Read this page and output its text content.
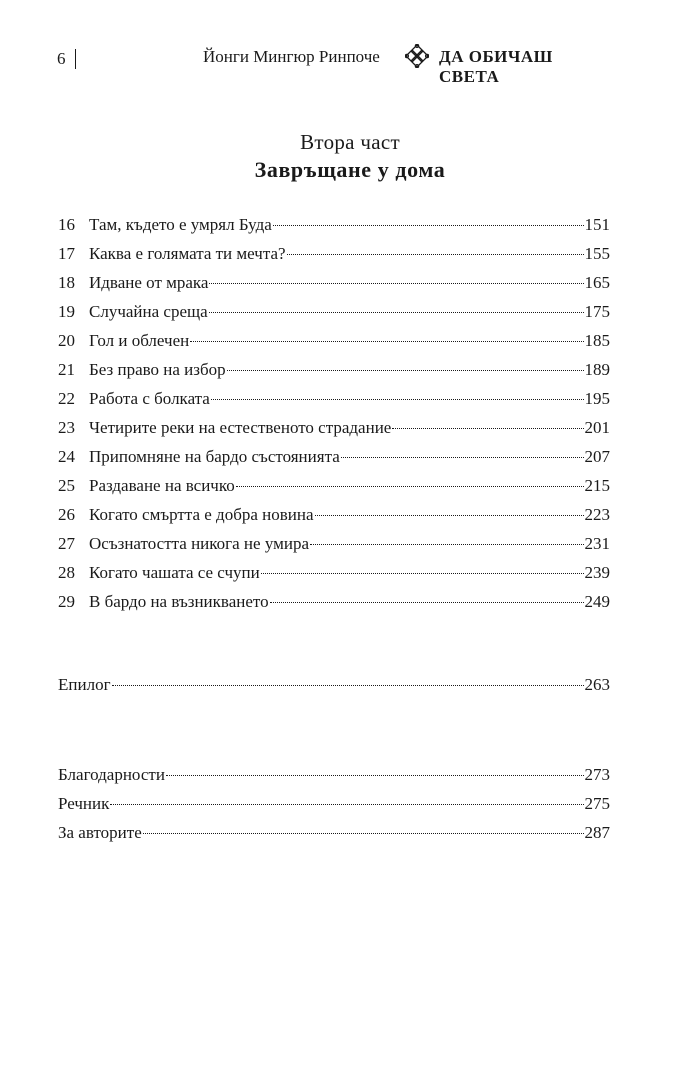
6	Йонги Мингюр Ринпоче	ДА ОБИЧАШ СВЕТА
Втора част
Завръщане у дома
16 Там, където е умрял Буда	151
17 Каква е голямата ти мечта?	155
18 Идване от мрака	165
19 Случайна среща	175
20 Гол и облечен	185
21 Без право на избор	189
22 Работа с болката	195
23 Четирите реки на естественото страдание	201
24 Припомняне на бардо състоянията	207
25 Раздаване на всичко	215
26 Когато смъртта е добра новина	223
27 Осъзнатостта никога не умира	231
28 Когато чашата се счупи	239
29 В бардо на възникването	249
Епилог	263
Благодарности	273
Речник	275
За авторите	287
